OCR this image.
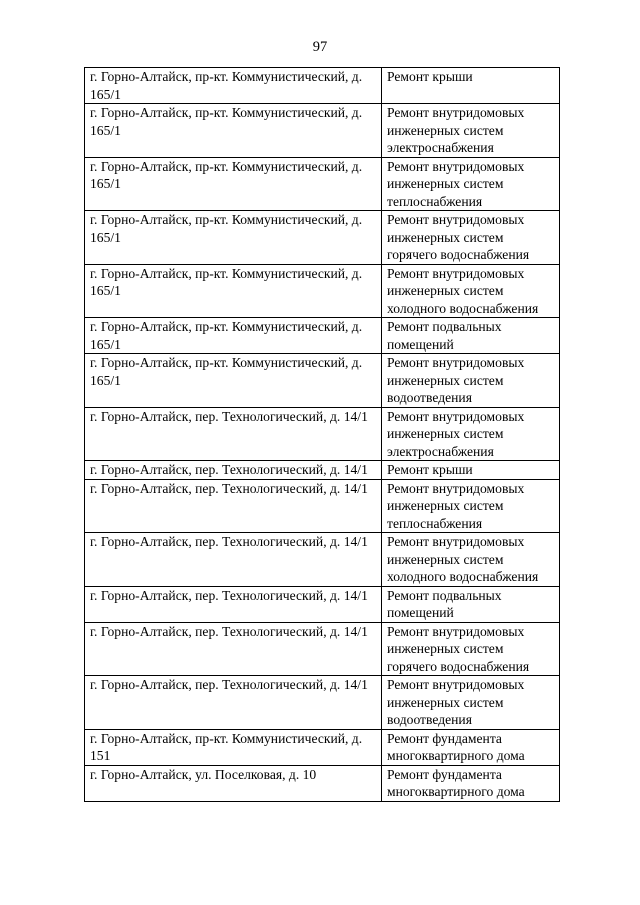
97
г. Горно-Алтайск, пр-кт. Коммунистический, д. 165/1	Ремонт крыши
г. Горно-Алтайск, пр-кт. Коммунистический, д. 165/1	Ремонт внутридомовых инженерных систем электроснабжения
г. Горно-Алтайск, пр-кт. Коммунистический, д. 165/1	Ремонт внутридомовых инженерных систем теплоснабжения
г. Горно-Алтайск, пр-кт. Коммунистический, д. 165/1	Ремонт внутридомовых инженерных систем горячего водоснабжения
г. Горно-Алтайск, пр-кт. Коммунистический, д. 165/1	Ремонт внутридомовых инженерных систем холодного водоснабжения
г. Горно-Алтайск, пр-кт. Коммунистический, д. 165/1	Ремонт подвальных помещений
г. Горно-Алтайск, пр-кт. Коммунистический, д. 165/1	Ремонт внутридомовых инженерных систем водоотведения
г. Горно-Алтайск, пер. Технологический, д. 14/1	Ремонт внутридомовых инженерных систем электроснабжения
г. Горно-Алтайск, пер. Технологический, д. 14/1	Ремонт крыши
г. Горно-Алтайск, пер. Технологический, д. 14/1	Ремонт внутридомовых инженерных систем теплоснабжения
г. Горно-Алтайск, пер. Технологический, д. 14/1	Ремонт внутридомовых инженерных систем холодного водоснабжения
г. Горно-Алтайск, пер. Технологический, д. 14/1	Ремонт подвальных помещений
г. Горно-Алтайск, пер. Технологический, д. 14/1	Ремонт внутридомовых инженерных систем горячего водоснабжения
г. Горно-Алтайск, пер. Технологический, д. 14/1	Ремонт внутридомовых инженерных систем водоотведения
г. Горно-Алтайск, пр-кт. Коммунистический, д. 151	Ремонт фундамента многоквартирного дома
г. Горно-Алтайск, ул. Поселковая, д. 10	Ремонт фундамента многоквартирного дома
